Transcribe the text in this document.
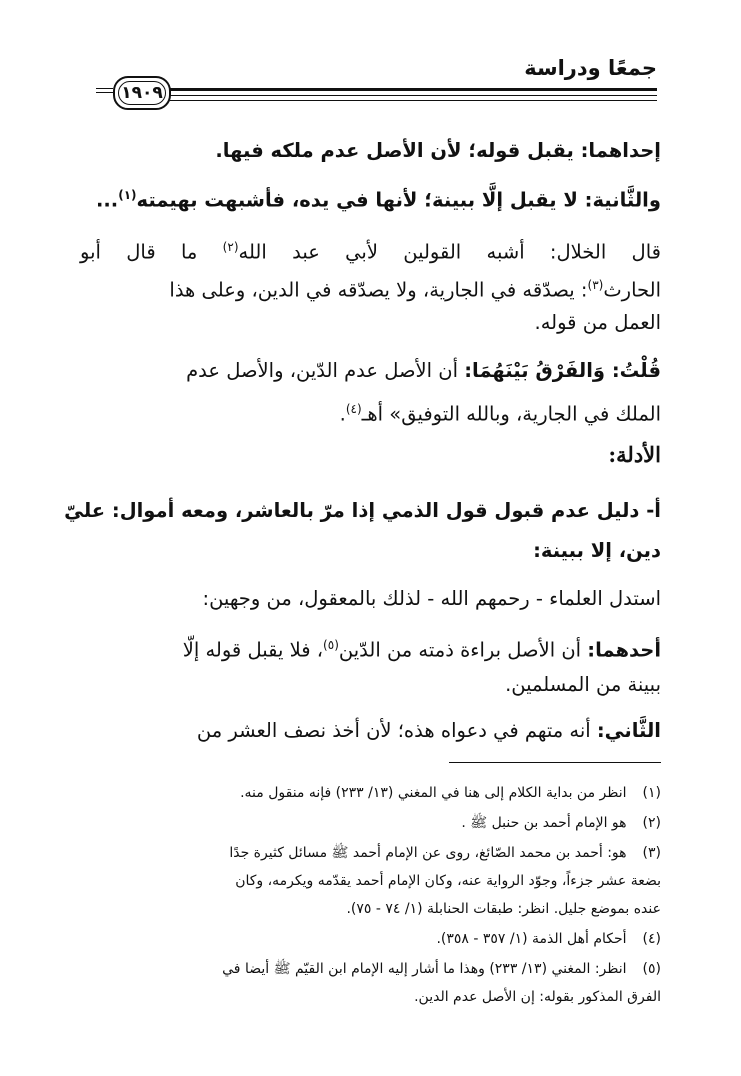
جمعًا ودراسة
١٩٠٩
إحداهما: يقبل قوله؛ لأن الأصل عدم ملكه فيها.
والثَّانية: لا يقبل إلَّا ببينة؛ لأنها في يده، فأشبهت بهيمته$^{(١)}$...
قال الخلال: أشبه القولين لأبي عبد الله$^{(٢)}$ ما قال أبو
الحارث$^{(٣)}$: يصدّقه في الجارية، ولا يصدّقه في الدين، وعلى هذا
العمل من قوله.
قُلْتُ: وَالفَرْقُ بَيْنَهُمَا: أن الأصل عدم الدّين، والأصل عدم
الملك في الجارية، وبالله التوفيق» أهـ$^{(٤)}$.
الأدلة:
أ- دليل عدم قبول قول الذمي إذا مرّ بالعاشر، ومعه أموال: عليّ
دين، إلا ببينة:
استدل العلماء - رحمهم الله - لذلك بالمعقول، من وجهين:
أحدهما: أن الأصل براءة ذمته من الدّين$^{(٥)}$، فلا يقبل قوله إلّا
ببينة من المسلمين.
الثَّاني: أنه متهم في دعواه هذه؛ لأن أخذ نصف العشر من
(١) انظر من بداية الكلام إلى هنا في المغني (١٣/ ٢٣٣) فإنه منقول منه.
(٢) هو الإمام أحمد بن حنبل ﷺ .
(٣) هو: أحمد بن محمد الصّائغ، روى عن الإمام أحمد ﷺ مسائل كثيرة جدًا
بضعة عشر جزءاً، وجوّد الرواية عنه، وكان الإمام أحمد يقدّمه ويكرمه، وكان
عنده بموضع جليل. انظر: طبقات الحنابلة (١/ ٧٤ - ٧٥).
(٤) أحكام أهل الذمة (١/ ٣٥٧ - ٣٥٨).
(٥) انظر: المغني (١٣/ ٢٣٣) وهذا ما أشار إليه الإمام ابن القيّم ﷺ أيضا في
الفرق المذكور بقوله: إن الأصل عدم الدين.
